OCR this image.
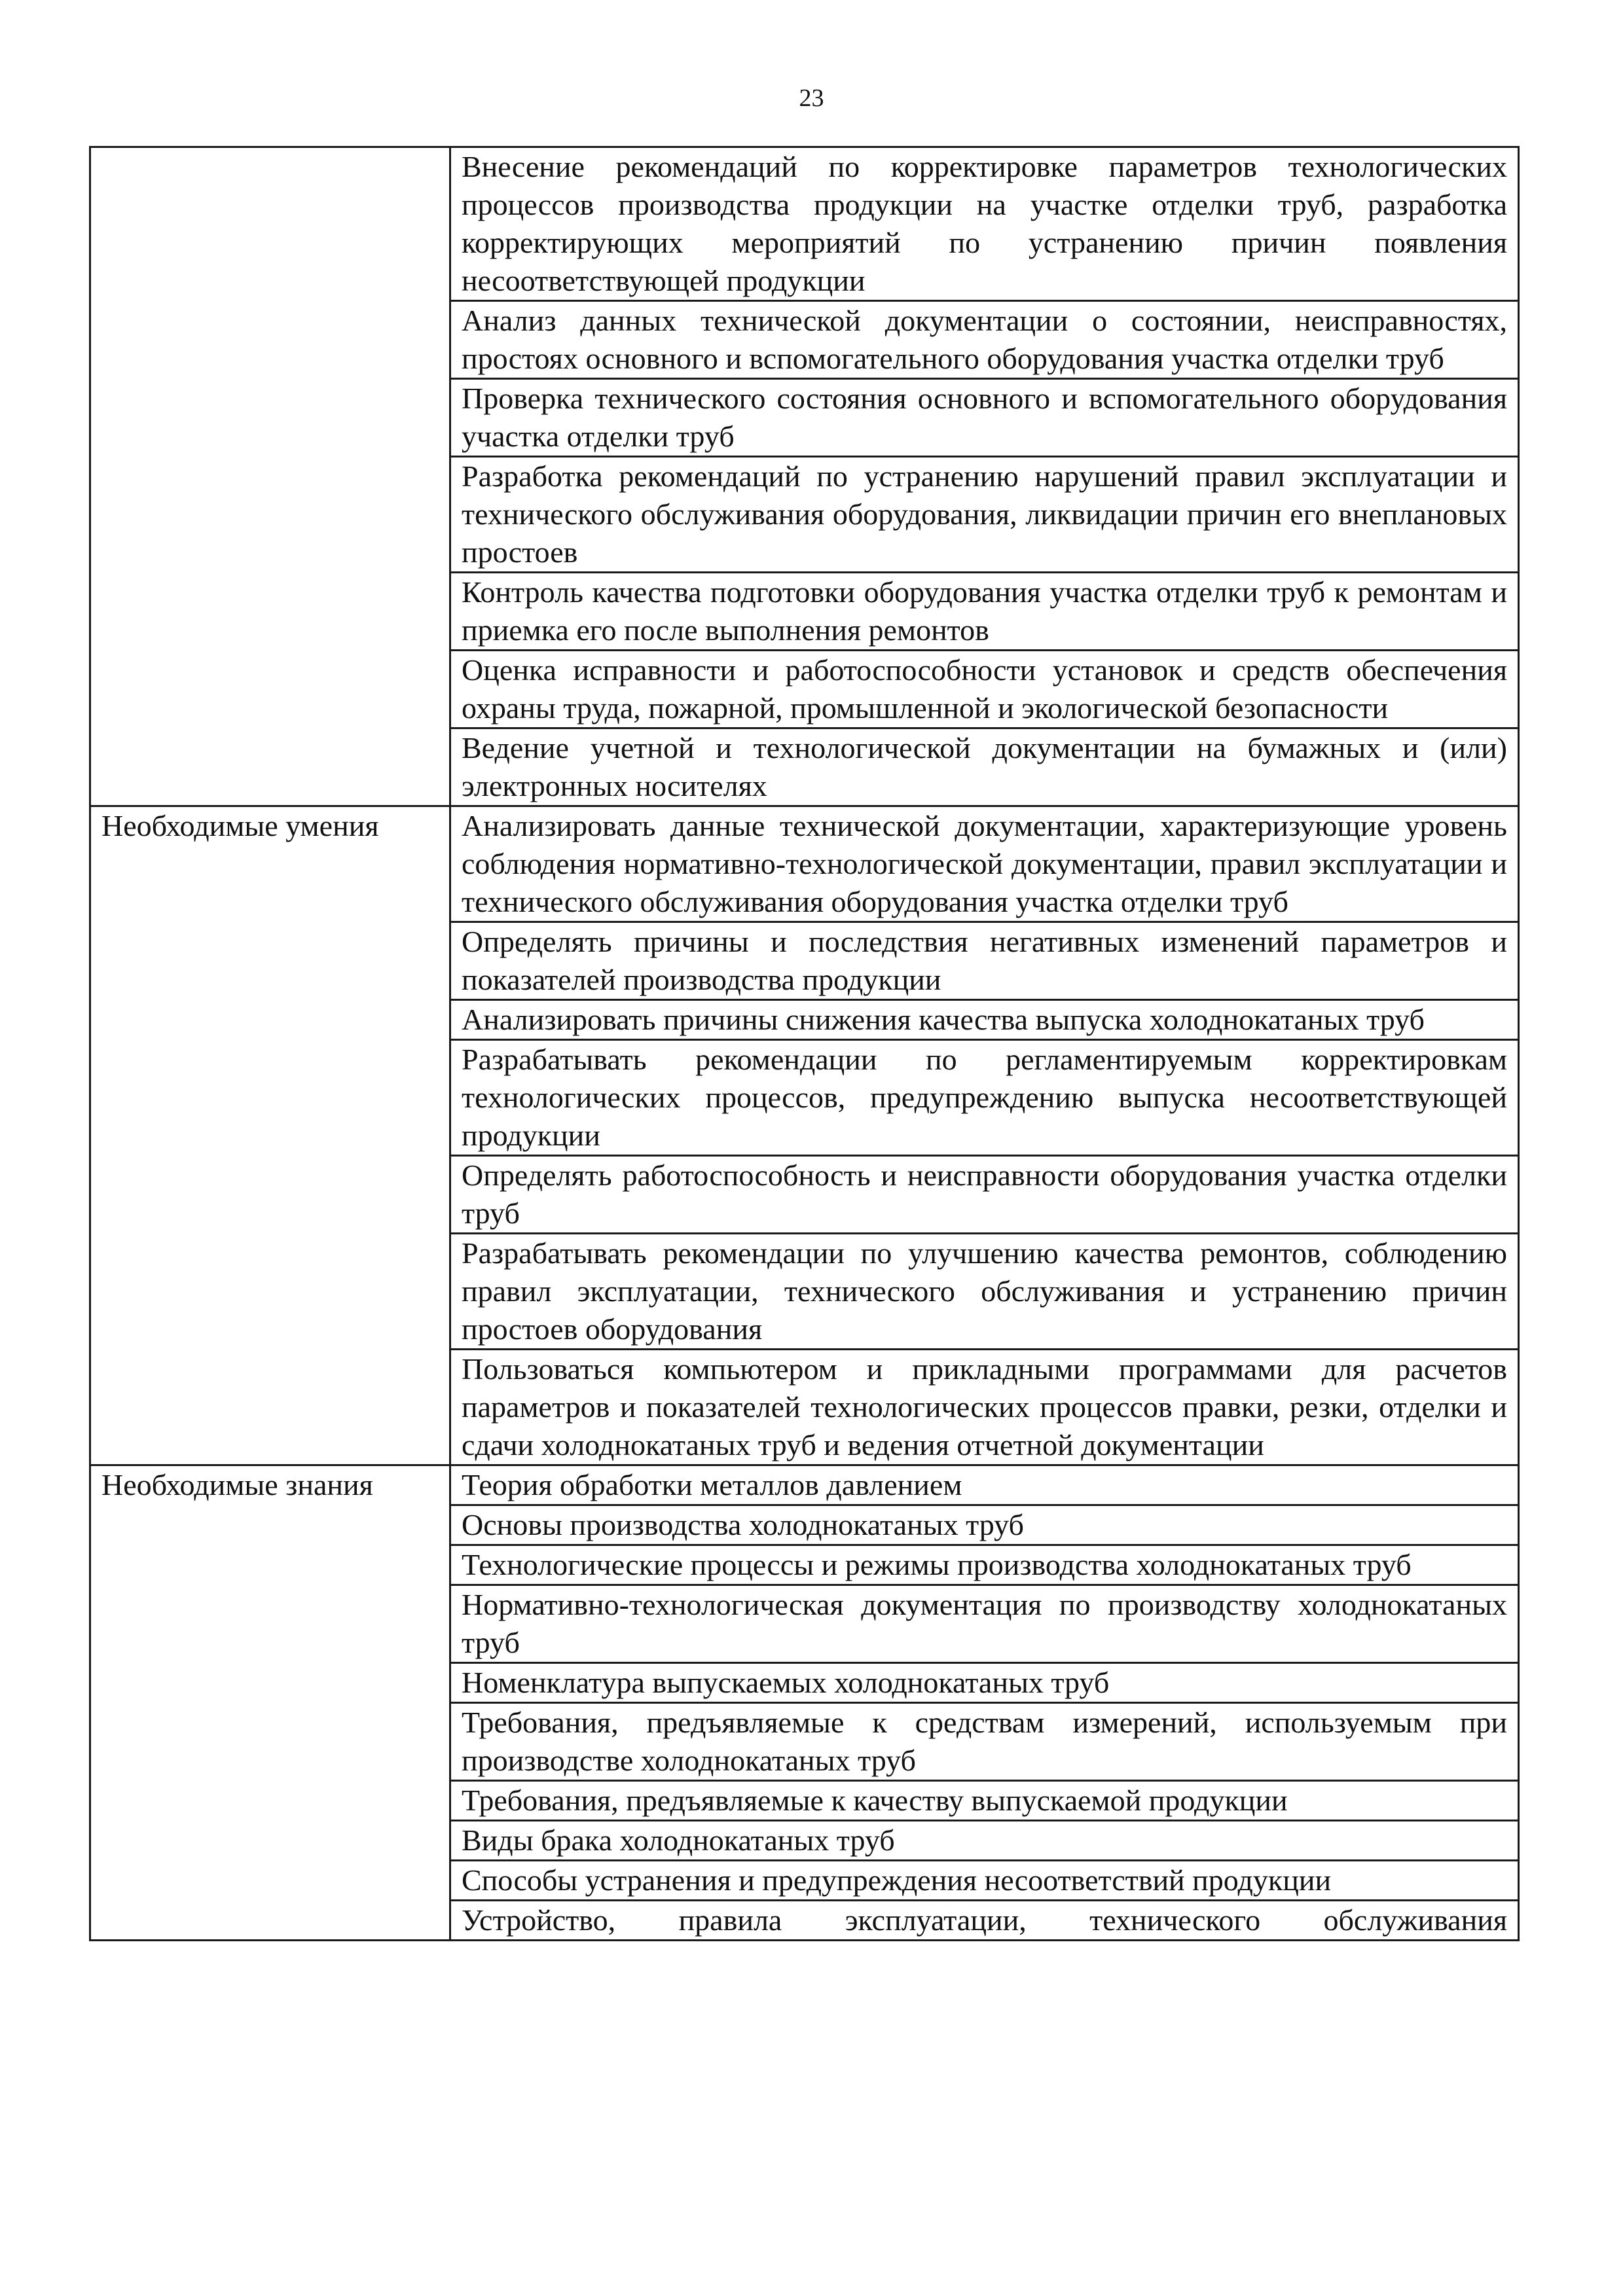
23
	Внесение рекомендаций по корректировке параметров технологических процессов производства продукции на участке отделки труб, разработка корректирующих мероприятий по устранению причин появления несоответствующей продукции
	Анализ данных технической документации о состоянии, неисправностях, простоях основного и вспомогательного оборудования участка отделки труб
	Проверка технического состояния основного и вспомогательного оборудования участка отделки труб
	Разработка рекомендаций по устранению нарушений правил эксплуатации и технического обслуживания оборудования, ликвидации причин его внеплановых простоев
	Контроль качества подготовки оборудования участка отделки труб к ремонтам и приемка его после выполнения ремонтов
	Оценка исправности и работоспособности установок и средств обеспечения охраны труда, пожарной, промышленной и экологической безопасности
	Ведение учетной и технологической документации на бумажных и (или) электронных носителях
Необходимые умения	Анализировать данные технической документации, характеризующие уровень соблюдения нормативно-технологической документации, правил эксплуатации и технического обслуживания оборудования участка отделки труб
	Определять причины и последствия негативных изменений параметров и показателей производства продукции
	Анализировать причины снижения качества выпуска холоднокатаных труб
	Разрабатывать рекомендации по регламентируемым корректировкам технологических процессов, предупреждению выпуска несоответствующей продукции
	Определять работоспособность и неисправности оборудования участка отделки труб
	Разрабатывать рекомендации по улучшению качества ремонтов, соблюдению правил эксплуатации, технического обслуживания и устранению причин простоев оборудования
	Пользоваться компьютером и прикладными программами для расчетов параметров и показателей технологических процессов правки, резки, отделки и сдачи холоднокатаных труб и ведения отчетной документации
Необходимые знания	Теория обработки металлов давлением
	Основы производства холоднокатаных труб
	Технологические процессы и режимы производства холоднокатаных труб
	Нормативно-технологическая документация по производству холоднокатаных труб
	Номенклатура выпускаемых холоднокатаных труб
	Требования, предъявляемые к средствам измерений, используемым при производстве холоднокатаных труб
	Требования, предъявляемые к качеству выпускаемой продукции
	Виды брака холоднокатаных труб
	Способы устранения и предупреждения несоответствий продукции

	Устройство, правила эксплуатации, технического обслуживания
